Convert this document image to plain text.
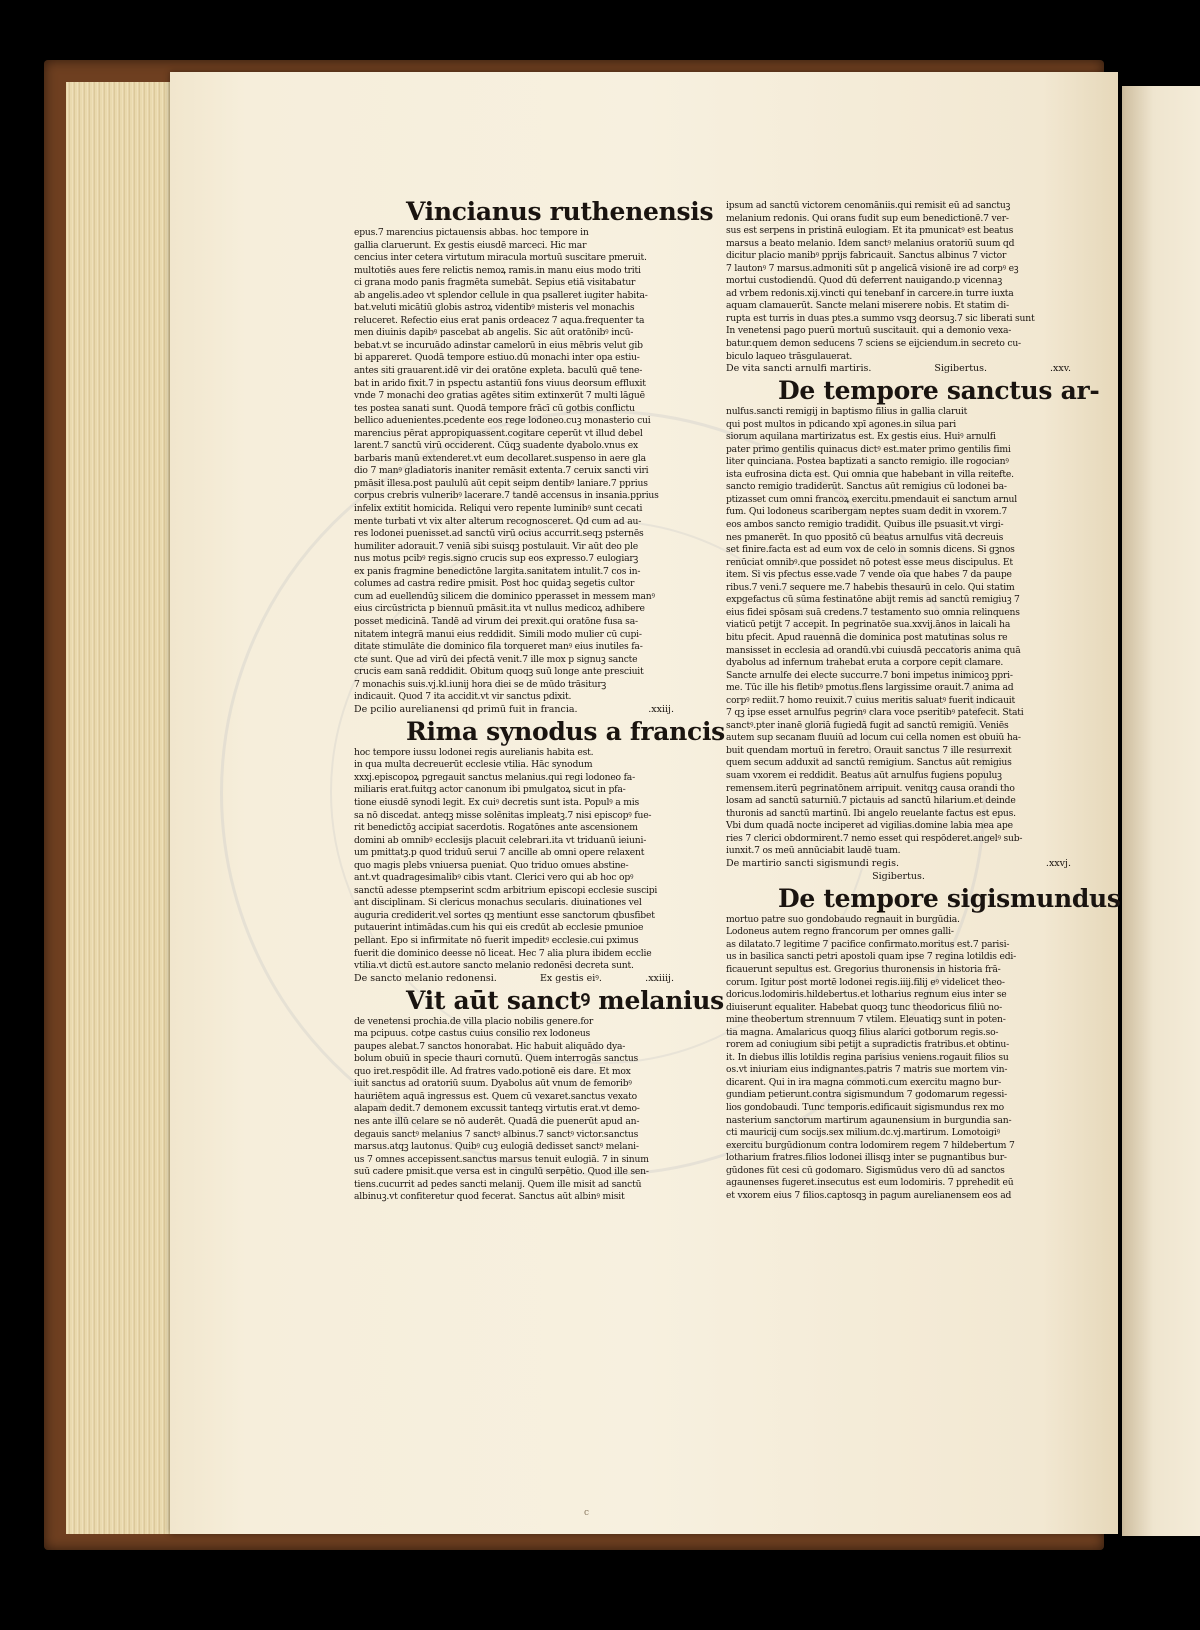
Vincianus ruthenensis
epus.7 marencius pictauensis abbas. hoc tempore in
gallia claruerunt. Ex gestis eiusdē marceci. Hic mar
cencius inter cetera virtutum miracula mortuū suscitare pmeruit.
multotiēs aues fere relictis nemoꝝ ramis.in manu eius modo triti
ci grana modo panis fragmēta sumebāt. Sepius etiā visitabatur
ab angelis.adeo vt splendor cellule in qua psalleret iugiter habita-
bat.veluti micātiū globis astroꝝ videntibꝰ misteris vel monachis
reluceret. Refectio eius erat panis ordeacez 7 aqua.frequenter ta
men diuinis dapibꝰ pascebat ab angelis. Sic aūt oratōnibꝰ incū-
bebat.vt se incuruādo adinstar camelorū in eius mēbris velut gib
bi appareret. Quodā tempore estiuo.dū monachi inter opa estiu-
antes siti grauarent.idē vir dei oratōne expleta. baculū quē tene-
bat in arido fixit.7 in pspectu astantiū fons viuus deorsum effluxit
vnde 7 monachi deo gratias agētes sitim extinxerūt 7 multi lāguē
tes postea sanati sunt. Quodā tempore frācī cū gotbis conflictu
bellico aduenientes.pcedente eos rege lodoneo.cuꝫ monasterio cui
marencius pērat appropiquassent.cogitare ceperūt vt illud debel
larent.7 sanctū virū occiderent. Cūqꝫ suadente dyabolo.vnus ex
barbaris manū extenderet.vt eum decollaret.suspenso in aere gla
dio 7 manꝰ gladiatoris inaniter remāsit extenta.7 ceruix sancti viri
pmāsit illesa.post paululū aūt cepit seipm dentibꝰ laniare.7 pprius
corpus crebris vulneribꝰ lacerare.7 tandē accensus in insania.pprius
infelix extitit homicida. Reliqui vero repente luminibꝰ sunt cecati
mente turbati vt vix alter alterum recognosceret. Qd cum ad au-
res lodonei puenisset.ad sanctū virū ocius accurrit.seqꝫ psternēs
humiliter adorauit.7 veniā sibi suisqꝫ postulauit. Vir aūt deo ple
nus motus pcibꝰ regis.signo crucis sup eos expresso.7 eulogiarꝫ
ex panis fragmine benedictōne largita.sanitatem intulit.7 cos in-
columes ad castra redire pmisit. Post hoc quidaꝫ segetis cultor
cum ad euellendūꝫ silicem die dominico pperasset in messem manꝰ
eius circūstricta p biennuū pmāsit.ita vt nullus medicoꝝ adhibere
posset medicinā. Tandē ad virum dei prexit.qui oratōne fusa sa-
nitatem integrā manui eius reddidit. Simili modo mulier cū cupi-
ditate stimulāte die dominico fila torqueret manꝰ eius inutiles fa-
cte sunt. Que ad virū dei pfectā venit.7 ille mox p signuꝫ sancte
crucis eam sanā reddidit. Obitum quoqꝫ suū longe ante presciuit
7 monachis suis.vj.kl.iunij hora diei se de mūdo trāsiturꝫ
indicauit. Quod 7 ita accidit.vt vir sanctus pdixit.
De pcilio aurelianensi qd primū fuit in francia.	.xxiij.
Rima synodus a francis
hoc tempore iussu lodonei regis aurelianis habita est.
in qua multa decreuerūt ecclesie vtilia. Hāc synodum
xxxj.episcopoꝝ pgregauit sanctus melanius.qui regi lodoneo fa-
miliaris erat.fuitqꝫ actor canonum ibi pmulgatoꝝ sicut in pfa-
tione eiusdē synodi legit. Ex cuiꝰ decretis sunt ista. Populꝰ a mis
sa nō discedat. anteqꝫ misse solēnitas impleatꝫ.7 nisi episcopꝰ fue-
rit benedictōꝫ accipiat sacerdotis. Rogatōnes ante ascensionem
domini ab omnibꝰ ecclesijs placuit celebrari.ita vt triduanū ieiuni-
um pmittatꝫ.p quod triduū serui 7 ancille ab omni opere relaxent
quo magis plebs vniuersa pueniat. Quo triduo omues abstine-
ant.vt quadragesimalibꝰ cibis vtant. Clerici vero qui ab hoc opꝰ
sanctū adesse ptempserint scdm arbitrium episcopi ecclesie suscipi
ant disciplinam. Si clericus monachus secularis. diuinationes vel
auguria crediderit.vel sortes qꝫ mentiunt esse sanctorum qbusfibet
putauerint intimādas.cum his qui eis credūt ab ecclesie pmunioe
pellant. Epo si infirmitate nō fuerit impeditꝰ ecclesie.cui pximus
fuerit die dominico deesse nō liceat. Hec 7 alia plura ibidem ecclie
vtilia.vt dictū est.autore sancto melanio redonēsi decreta sunt.
De sancto melanio redonensi.	Ex gestis eiꝰ.	.xxiiij.
Vit aūt sanctꝰ melanius
de venetensi prochia.de villa placio nobilis genere.for
ma pcipuus. cotpe castus cuius consilio rex lodoneus
paupes alebat.7 sanctos honorabat. Hic habuit aliquādo dya-
bolum obuiū in specie thauri cornutū. Quem interrogās sanctus
quo iret.respōdit ille. Ad fratres vado.potionē eis dare. Et mox
iuit sanctus ad oratoriū suum. Dyabolus aūt vnum de femoribꝰ
hauriētem aquā ingressus est. Quem cū vexaret.sanctus vexato
alapam dedit.7 demonem excussit tanteqꝫ virtutis erat.vt demo-
nes ante illū celare se nō auderēt. Quadā die puenerūt apud an-
degauis sanctꝰ melanius 7 sanctꝰ albinus.7 sanctꝰ victor.sanctus
marsus.atqꝫ lautonus. Quibꝰ cuꝫ eulogiā dedisset sanctꝰ melani-
us 7 omnes accepissent.sanctus marsus tenuit eulogiā. 7 in sinum
suū cadere pmisit.que versa est in cingulū serpētio. Quod ille sen-
tiens.cucurrit ad pedes sancti melanij. Quem ille misit ad sanctū
albinuꝫ.vt confiteretur quod fecerat. Sanctus aūt albinꝰ misit
ipsum ad sanctū victorem cenomāniis.qui remisit eū ad sanctuꝫ
melanium redonis. Qui orans fudit sup eum benedictionē.7 ver-
sus est serpens in pristinā eulogiam. Et ita pmunicatꝰ est beatus
marsus a beato melanio. Idem sanctꝰ melanius oratoriū suum qd
dicitur placio manibꝰ pprijs fabricauit. Sanctus albinus 7 victor
7 lautonꝰ 7 marsus.admoniti sūt p angelicā visionē ire ad corpꝰ eꝫ
mortui custodiendū. Quod dū deferrent nauigando.p vicennaꝫ
ad vrbem redonis.xij.vincti qui tenebanf in carcere.in turre iuxta
aquam clamauerūt. Sancte melani miserere nobis. Et statim di-
rupta est turris in duas ptes.a summo vsqꝫ deorsuꝫ.7 sic liberati sunt
In venetensi pago puerū mortuū suscitauit. qui a demonio vexa-
batur.quem demon seducens 7 sciens se eijciendum.in secreto cu-
biculo laqueo trāsgulauerat.
De vita sancti arnulfi martiris.	Sigibertus.	.xxv.
De tempore sanctus ar-
nulfus.sancti remigij in baptismo filius in gallia claruit
qui post multos in pdicando xpī agones.in silua pari
siorum aquilana martirizatus est. Ex gestis eius. Huiꝰ arnulfi
pater primo gentilis quinacus dictꝰ est.mater primo gentilis fimi
liter quinciana. Postea baptizati a sancto remigio. ille rogocianꝰ
ista eufrosina dicta est. Qui omnia que habebant in villa reitefte.
sancto remigio tradiderūt. Sanctus aūt remigius cū lodonei ba-
ptizasset cum omni francoꝝ exercitu.pmendauit ei sanctum arnul
fum. Qui lodoneus scaribergam neptes suam dedit in vxorem.7
eos ambos sancto remigio tradidit. Quibus ille psuasit.vt virgi-
nes pmanerēt. In quo ppositō cū beatus arnulfus vitā decreuis
set finire.facta est ad eum vox de celo in somnis dicens. Si gꝫnos
renūciat omnibꝰ.que possidet nō potest esse meus discipulus. Et
item. Si vis pfectus esse.vade 7 vende oīa que habes 7 da paupe
ribus.7 veni.7 sequere me.7 habebis thesaurū in celo. Qui statim
expgefactus cū sūma festinatōne abijt remis ad sanctū remigiuꝫ 7
eius fidei spōsam suā credens.7 testamento suo omnia relinquens
viaticū petijt 7 accepit. In pegrinatōe sua.xxvij.ānos in laicali ha
bitu pfecit. Apud rauennā die dominica post matutinas solus re
mansisset in ecclesia ad orandū.vbi cuiusdā peccatoris anima quā
dyabolus ad infernum trahebat eruta a corpore cepit clamare.
Sancte arnulfe dei electe succurre.7 boni impetus inimicoꝫ ppri-
me. Tūc ille his fletibꝰ pmotus.flens largissime orauit.7 anima ad
corpꝰ rediit.7 homo reuixit.7 cuius meritis saluatꝰ fuerit indicauit
7 qꝫ ipse esset arnulfus pegrinꝰ clara voce pseritibꝰ patefecit. Stati
sanctꝰ.pter inanē gloriā fugiedā fugit ad sanctū remigiū. Veniēs
autem sup secanam fluuiū ad locum cui cella nomen est obuiū ha-
buit quendam mortuū in feretro. Orauit sanctus 7 ille resurrexit
quem secum adduxit ad sanctū remigium. Sanctus aūt remigius
suam vxorem ei reddidit. Beatus aūt arnulfus fugiens populuꝫ
remensem.iterū pegrinatōnem arripuit. venitqꝫ causa orandi tho
losam ad sanctū saturniū.7 pictauis ad sanctū hilarium.et deinde
thuronis ad sanctū martinū. Ibi angelo reuelante factus est epus.
Vbi dum quadā nocte inciperet ad vigilias.domine labia mea ape
ries 7 clerici obdormirent.7 nemo esset qui respōderet.angelꝰ sub-
iunxit.7 os meū annūciabit laudē tuam.
De martirio sancti sigismundi regis.	.xxvj.
Sigibertus.
De tempore sigismundus
mortuo patre suo gondobaudo regnauit in burgūdia.
Lodoneus autem regno francorum per omnes galli-
as dilatato.7 legitime 7 pacifice confirmato.moritus est.7 parisi-
us in basilica sancti petri apostoli quam ipse 7 regina lotildis edi-
ficauerunt sepultus est. Gregorius thuronensis in historia frā-
corum. Igitur post mortē lodonei regis.iiij.filij eꝰ videlicet theo-
doricus.lodomiris.hildebertus.et lotharius regnum eius inter se
diuiserunt equaliter. Habebat quoqꝫ tunc theodoricus filiū no-
mine theobertum strennuum 7 vtilem. Eleuatiqꝫ sunt in poten-
tia magna. Amalaricus quoqꝫ filius alarici gotborum regis.so-
rorem ad coniugium sibi petijt a supradictis fratribus.et obtinu-
it. In diebus illis lotildis regina parisius veniens.rogauit filios su
os.vt iniuriam eius indignantes.patris 7 matris sue mortem vin-
dicarent. Qui in ira magna commoti.cum exercitu magno bur-
gundiam petierunt.contra sigismundum 7 godomarum regessi-
lios gondobaudi. Tunc temporis.edificauit sigismundus rex mo
nasterium sanctorum martirum agaunensium in burgundia san-
cti mauricij cum socijs.sex milium.dc.vj.martirum. Lomotoigiꝰ
exercitu burgūdionum contra lodomirem regem 7 hildebertum 7
lotharium fratres.filios lodonei illisqꝫ inter se pugnantibus bur-
gūdones fūt cesi cū godomaro. Sigismūdus vero dū ad sanctos
agaunenses fugeret.insecutus est eum lodomiris. 7 pprehedit eū
et vxorem eius 7 filios.captosqꝫ in pagum aurelianensem eos ad
c
